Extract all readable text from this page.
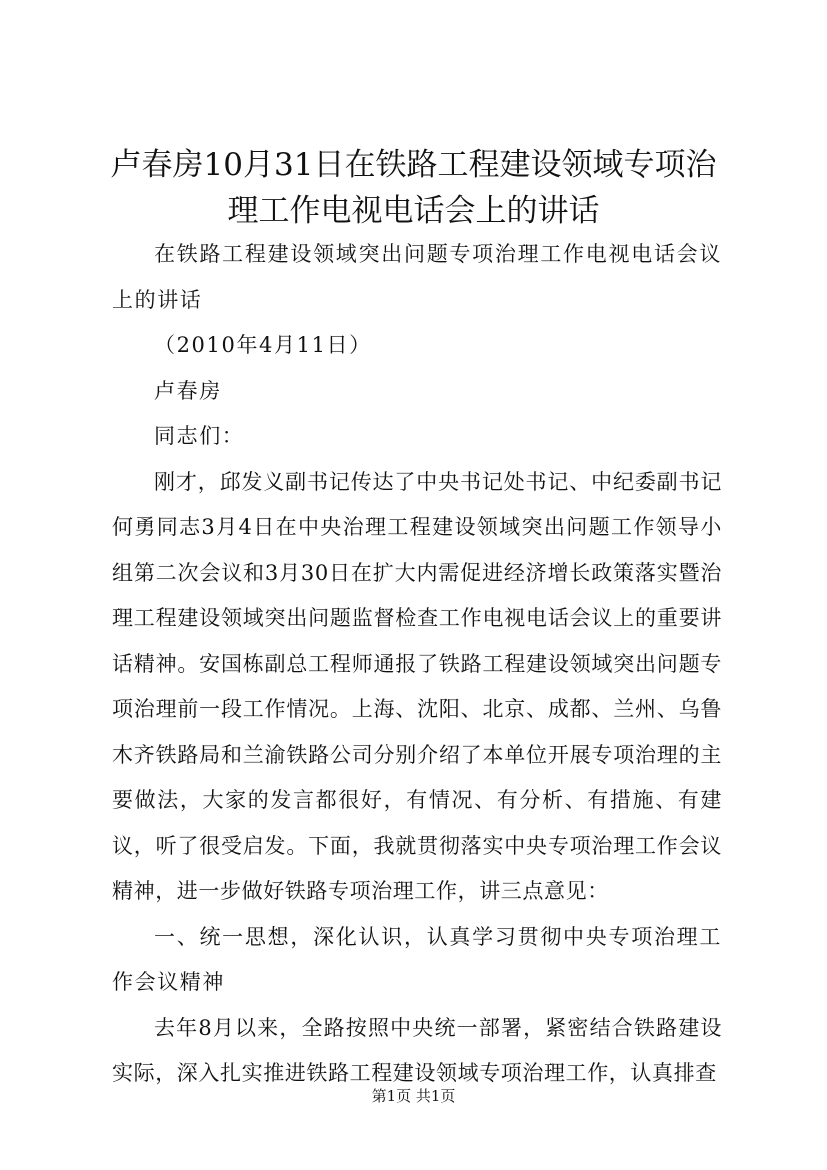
卢春房10月31日在铁路工程建设领域专项治
理工作电视电话会上的讲话

在铁路工程建设领域突出问题专项治理工作电视电话会议上的讲话

（2010年4月11日）

卢春房

同志们：

刚才，邱发义副书记传达了中央书记处书记、中纪委副书记何勇同志3月4日在中央治理工程建设领域突出问题工作领导小组第二次会议和3月30日在扩大内需促进经济增长政策落实暨治理工程建设领域突出问题监督检查工作电视电话会议上的重要讲话精神。安国栋副总工程师通报了铁路工程建设领域突出问题专项治理前一段工作情况。上海、沈阳、北京、成都、兰州、乌鲁木齐铁路局和兰渝铁路公司分别介绍了本单位开展专项治理的主要做法，大家的发言都很好，有情况、有分析、有措施、有建议，听了很受启发。下面，我就贯彻落实中央专项治理工作会议精神，进一步做好铁路专项治理工作，讲三点意见：

一、统一思想，深化认识，认真学习贯彻中央专项治理工作会议精神

去年8月以来，全路按照中央统一部署，紧密结合铁路建设实际，深入扎实推进铁路工程建设领域专项治理工作，认真排查

第1页 共1页
